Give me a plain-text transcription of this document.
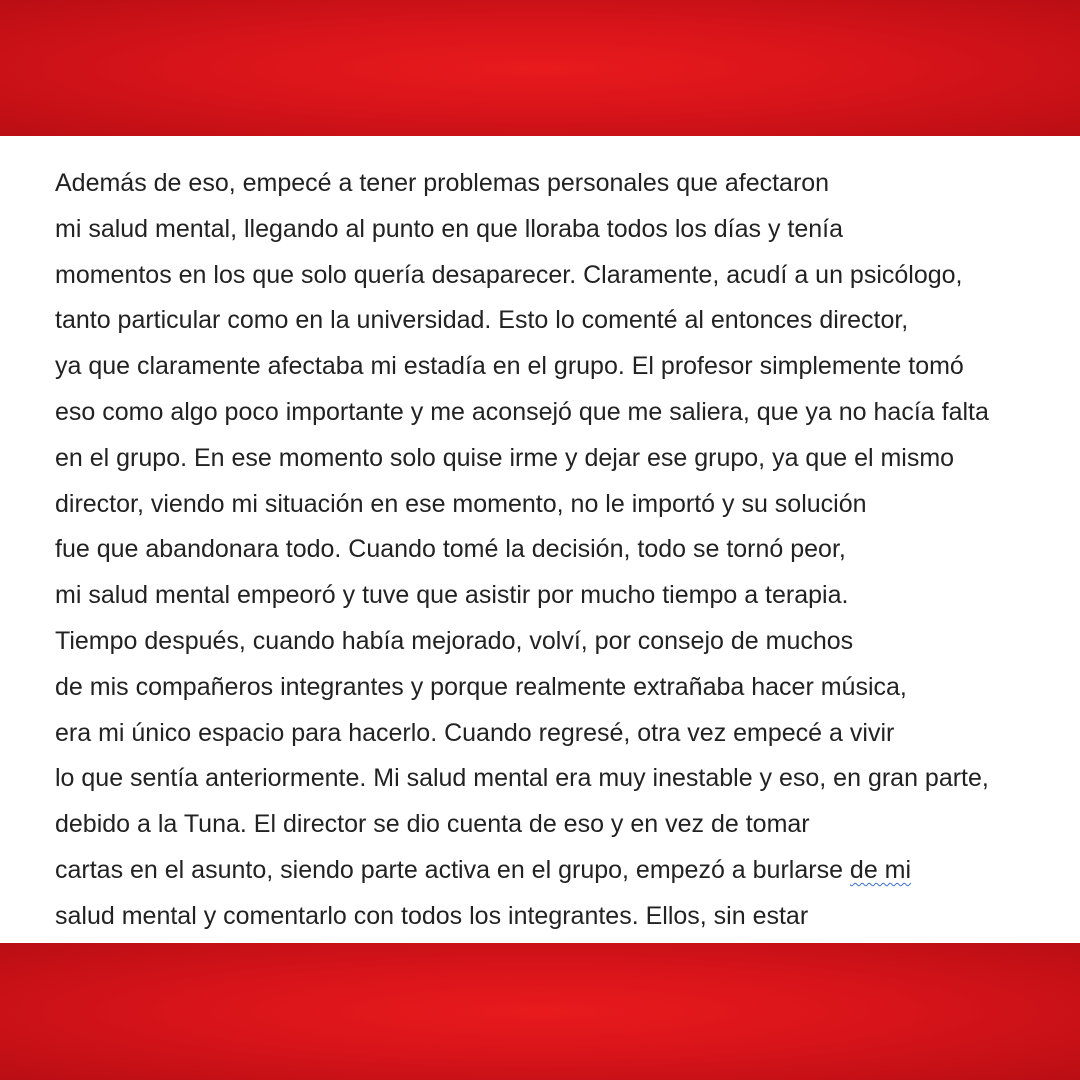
Además de eso, empecé a tener problemas personales que afectaron
mi salud mental, llegando al punto en que lloraba todos los días y tenía
momentos en los que solo quería desaparecer. Claramente, acudí a un psicólogo,
tanto particular como en la universidad. Esto lo comenté al entonces director,
ya que claramente afectaba mi estadía en el grupo. El profesor simplemente tomó
eso como algo poco importante y me aconsejó que me saliera, que ya no hacía falta
en el grupo. En ese momento solo quise irme y dejar ese grupo, ya que el mismo
director, viendo mi situación en ese momento, no le importó y su solución
fue que abandonara todo. Cuando tomé la decisión, todo se tornó peor,
mi salud mental empeoró y tuve que asistir por mucho tiempo a terapia.
Tiempo después, cuando había mejorado, volví, por consejo de muchos
de mis compañeros integrantes y porque realmente extrañaba hacer música,
era mi único espacio para hacerlo. Cuando regresé, otra vez empecé a vivir
lo que sentía anteriormente. Mi salud mental era muy inestable y eso, en gran parte,
debido a la Tuna. El director se dio cuenta de eso y en vez de tomar
cartas en el asunto, siendo parte activa en el grupo, empezó a burlarse de mi
salud mental y comentarlo con todos los integrantes. Ellos, sin estar
